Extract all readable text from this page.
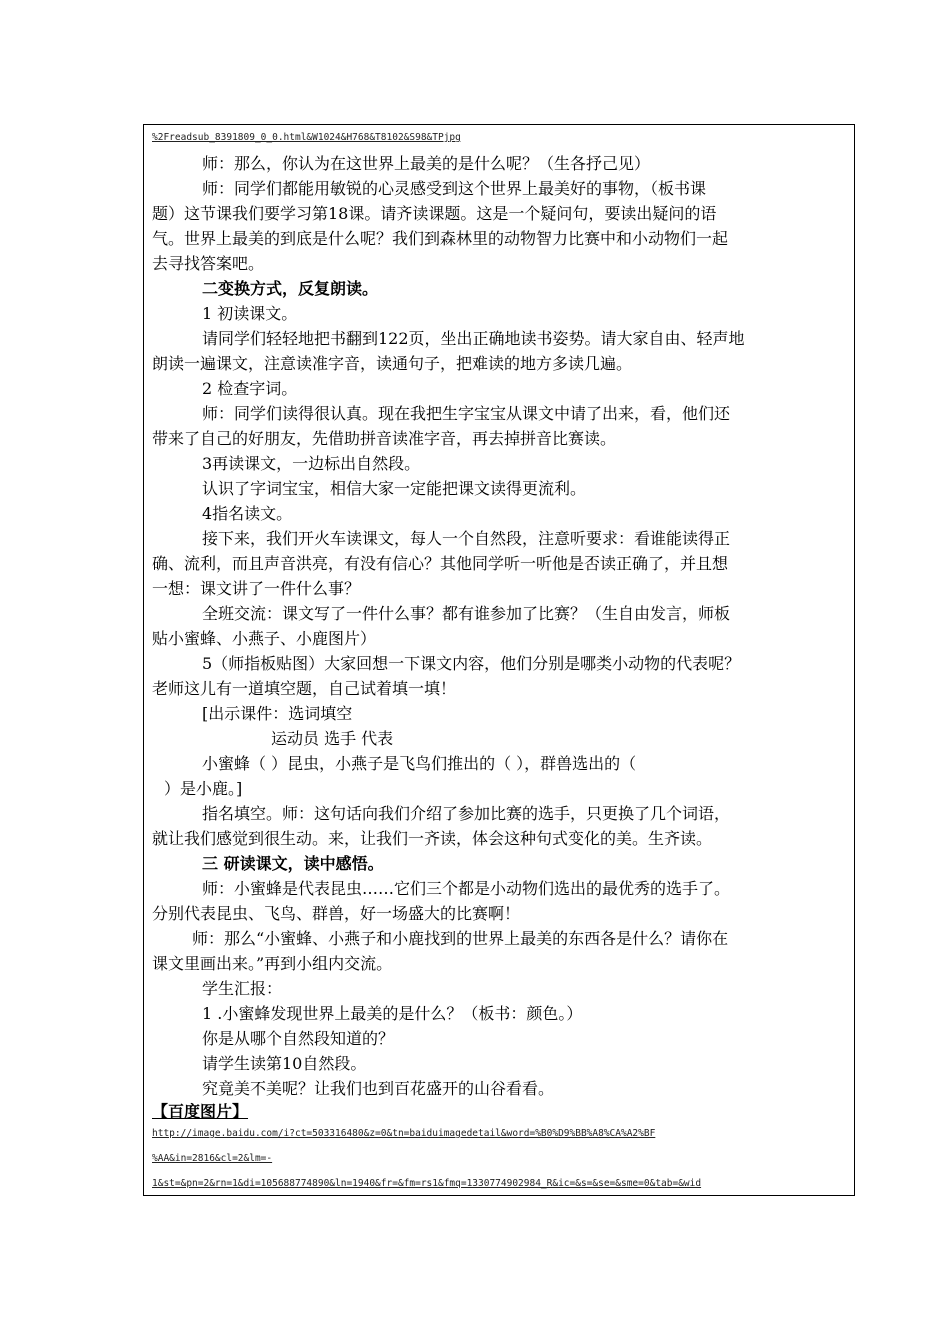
%2Freadsub_8391809_0_0.html&W1024&H768&T8102&S98&TPjpg
师：那么，你认为在这世界上最美的是什么呢？（生各抒己见）
师：同学们都能用敏锐的心灵感受到这个世界上最美好的事物，（板书课
题）这节课我们要学习第18课。请齐读课题。这是一个疑问句，要读出疑问的语
气。世界上最美的到底是什么呢？我们到森林里的动物智力比赛中和小动物们一起
去寻找答案吧。
二变换方式，反复朗读。
1 初读课文。
请同学们轻轻地把书翻到122页，坐出正确地读书姿势。请大家自由、轻声地
朗读一遍课文，注意读准字音，读通句子，把难读的地方多读几遍。
2 检查字词。
师：同学们读得很认真。现在我把生字宝宝从课文中请了出来，看，他们还
带来了自己的好朋友，先借助拼音读准字音，再去掉拼音比赛读。
3再读课文，一边标出自然段。
认识了字词宝宝，相信大家一定能把课文读得更流利。
4指名读文。
接下来，我们开火车读课文，每人一个自然段，注意听要求：看谁能读得正
确、流利，而且声音洪亮，有没有信心？其他同学听一听他是否读正确了，并且想
一想：课文讲了一件什么事？
全班交流：课文写了一件什么事？都有谁参加了比赛？（生自由发言，师板
贴小蜜蜂、小燕子、小鹿图片）
5（师指板贴图）大家回想一下课文内容，他们分别是哪类小动物的代表呢？
老师这儿有一道填空题，自己试着填一填！
[出示课件：选词填空
运动员 选手 代表
小蜜蜂（ ）昆虫，小燕子是飞鸟们推出的（ ），群兽选出的（
）是小鹿。]
指名填空。师：这句话向我们介绍了参加比赛的选手，只更换了几个词语，
就让我们感觉到很生动。来，让我们一齐读，体会这种句式变化的美。生齐读。
三 研读课文，读中感悟。
师：小蜜蜂是代表昆虫……它们三个都是小动物们选出的最优秀的选手了。
分别代表昆虫、飞鸟、群兽，好一场盛大的比赛啊！
师：那么“小蜜蜂、小燕子和小鹿找到的世界上最美的东西各是什么？请你在
课文里画出来。”再到小组内交流。
学生汇报：
1 .小蜜蜂发现世界上最美的是什么？（板书：颜色。）
你是从哪个自然段知道的？
请学生读第10自然段。
究竟美不美呢？让我们也到百花盛开的山谷看看。
【百度图片】
http://image.baidu.com/i?ct=503316480&z=0&tn=baiduimagedetail&word=%B0%D9%BB%A8%CA%A2%BF
%AA&in=2816&cl=2&lm=-
1&st=&pn=2&rn=1&di=105688774890&ln=1940&fr=&fm=rs1&fmq=1330774902984_R&ic=&s=&se=&sme=0&tab=&wid
